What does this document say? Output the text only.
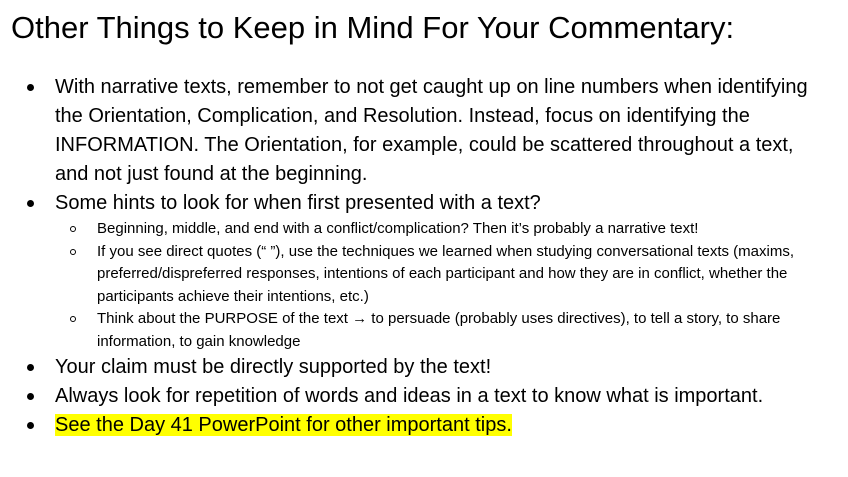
Other Things to Keep in Mind For Your Commentary:
With narrative texts, remember to not get caught up on line numbers when identifying the Orientation, Complication, and Resolution. Instead, focus on identifying the INFORMATION. The Orientation, for example, could be scattered throughout a text, and not just found at the beginning.
Some hints to look for when first presented with a text?
Beginning, middle, and end with a conflict/complication? Then it’s probably a narrative text!
If you see direct quotes (“ ”), use the techniques we learned when studying conversational texts (maxims, preferred/dispreferred responses, intentions of each participant and how they are in conflict, whether the participants achieve their intentions, etc.)
Think about the PURPOSE of the text → to persuade (probably uses directives), to tell a story, to share information, to gain knowledge
Your claim must be directly supported by the text!
Always look for repetition of words and ideas in a text to know what is important.
See the Day 41 PowerPoint for other important tips.
